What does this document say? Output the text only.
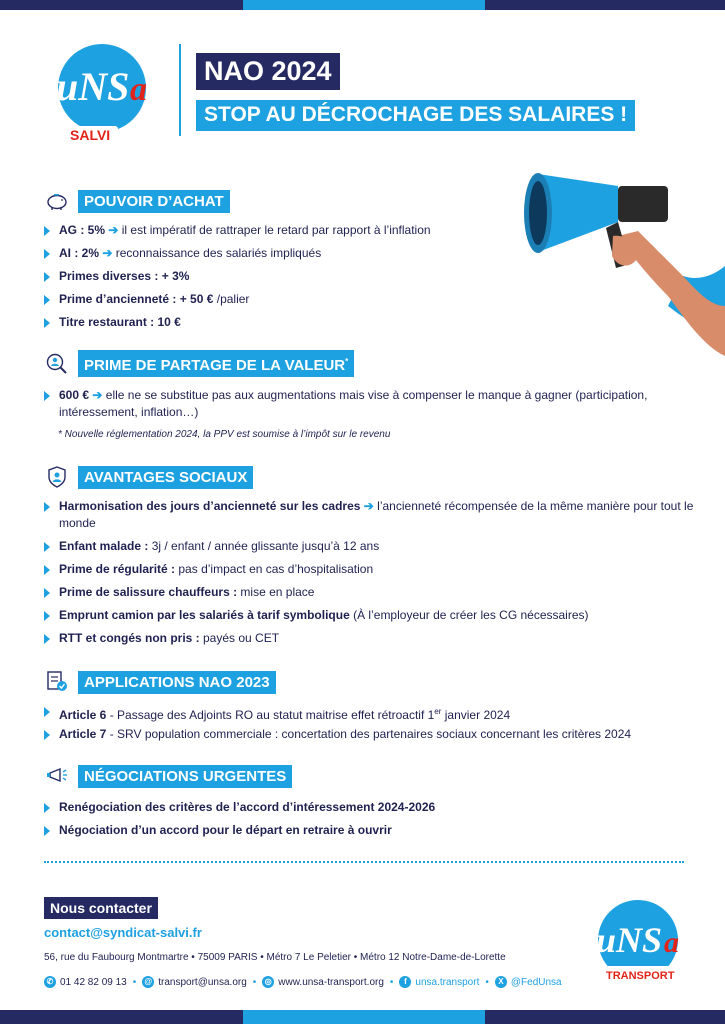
uNS a
SALVI
NAO 2024
STOP AU DÉCROCHAGE DES SALAIRES !
POUVOIR D’ACHAT
AG : 5% ➔ il est impératif de rattraper le retard par rapport à l’inflation
AI : 2% ➔ reconnaissance des salariés impliqués
Primes diverses : + 3%
Prime d’ancienneté : + 50 € /palier
Titre restaurant : 10 €
PRIME DE PARTAGE DE LA VALEUR*
600 € ➔ elle ne se substitue pas aux augmentations mais vise à compenser le manque à gagner (participation, intéressement, inflation…)
* Nouvelle réglementation 2024, la PPV est soumise à l’impôt sur le revenu
AVANTAGES SOCIAUX
Harmonisation des jours d’ancienneté sur les cadres ➔ l’ancienneté récompensée de la même manière pour tout le monde
Enfant malade : 3j / enfant / année glissante jusqu’à 12 ans
Prime de régularité : pas d’impact en cas d’hospitalisation
Prime de salissure chauffeurs : mise en place
Emprunt camion par les salariés à tarif symbolique (À l’employeur de créer les CG nécessaires)
RTT et congés non pris : payés ou CET
APPLICATIONS NAO 2023
Article 6 - Passage des Adjoints RO au statut maitrise effet rétroactif 1er janvier 2024
Article 7 - SRV population commerciale : concertation des partenaires sociaux concernant les critères 2024
NÉGOCIATIONS URGENTES
Renégociation des critères de l’accord d’intéressement 2024-2026
Négociation d’un accord pour le départ en retraire à ouvrir
Nous contacter
contact@syndicat-salvi.fr
56, rue du Faubourg Montmartre • 75009 PARIS • Métro 7 Le Peletier • Métro 12 Notre-Dame-de-Lorette
✆ 01 42 82 09 13 • @ transport@unsa.org •	◎ www.unsa-transport.org •	f unsa.transport •	X @FedUnsa
uNS a
TRANSPORT
